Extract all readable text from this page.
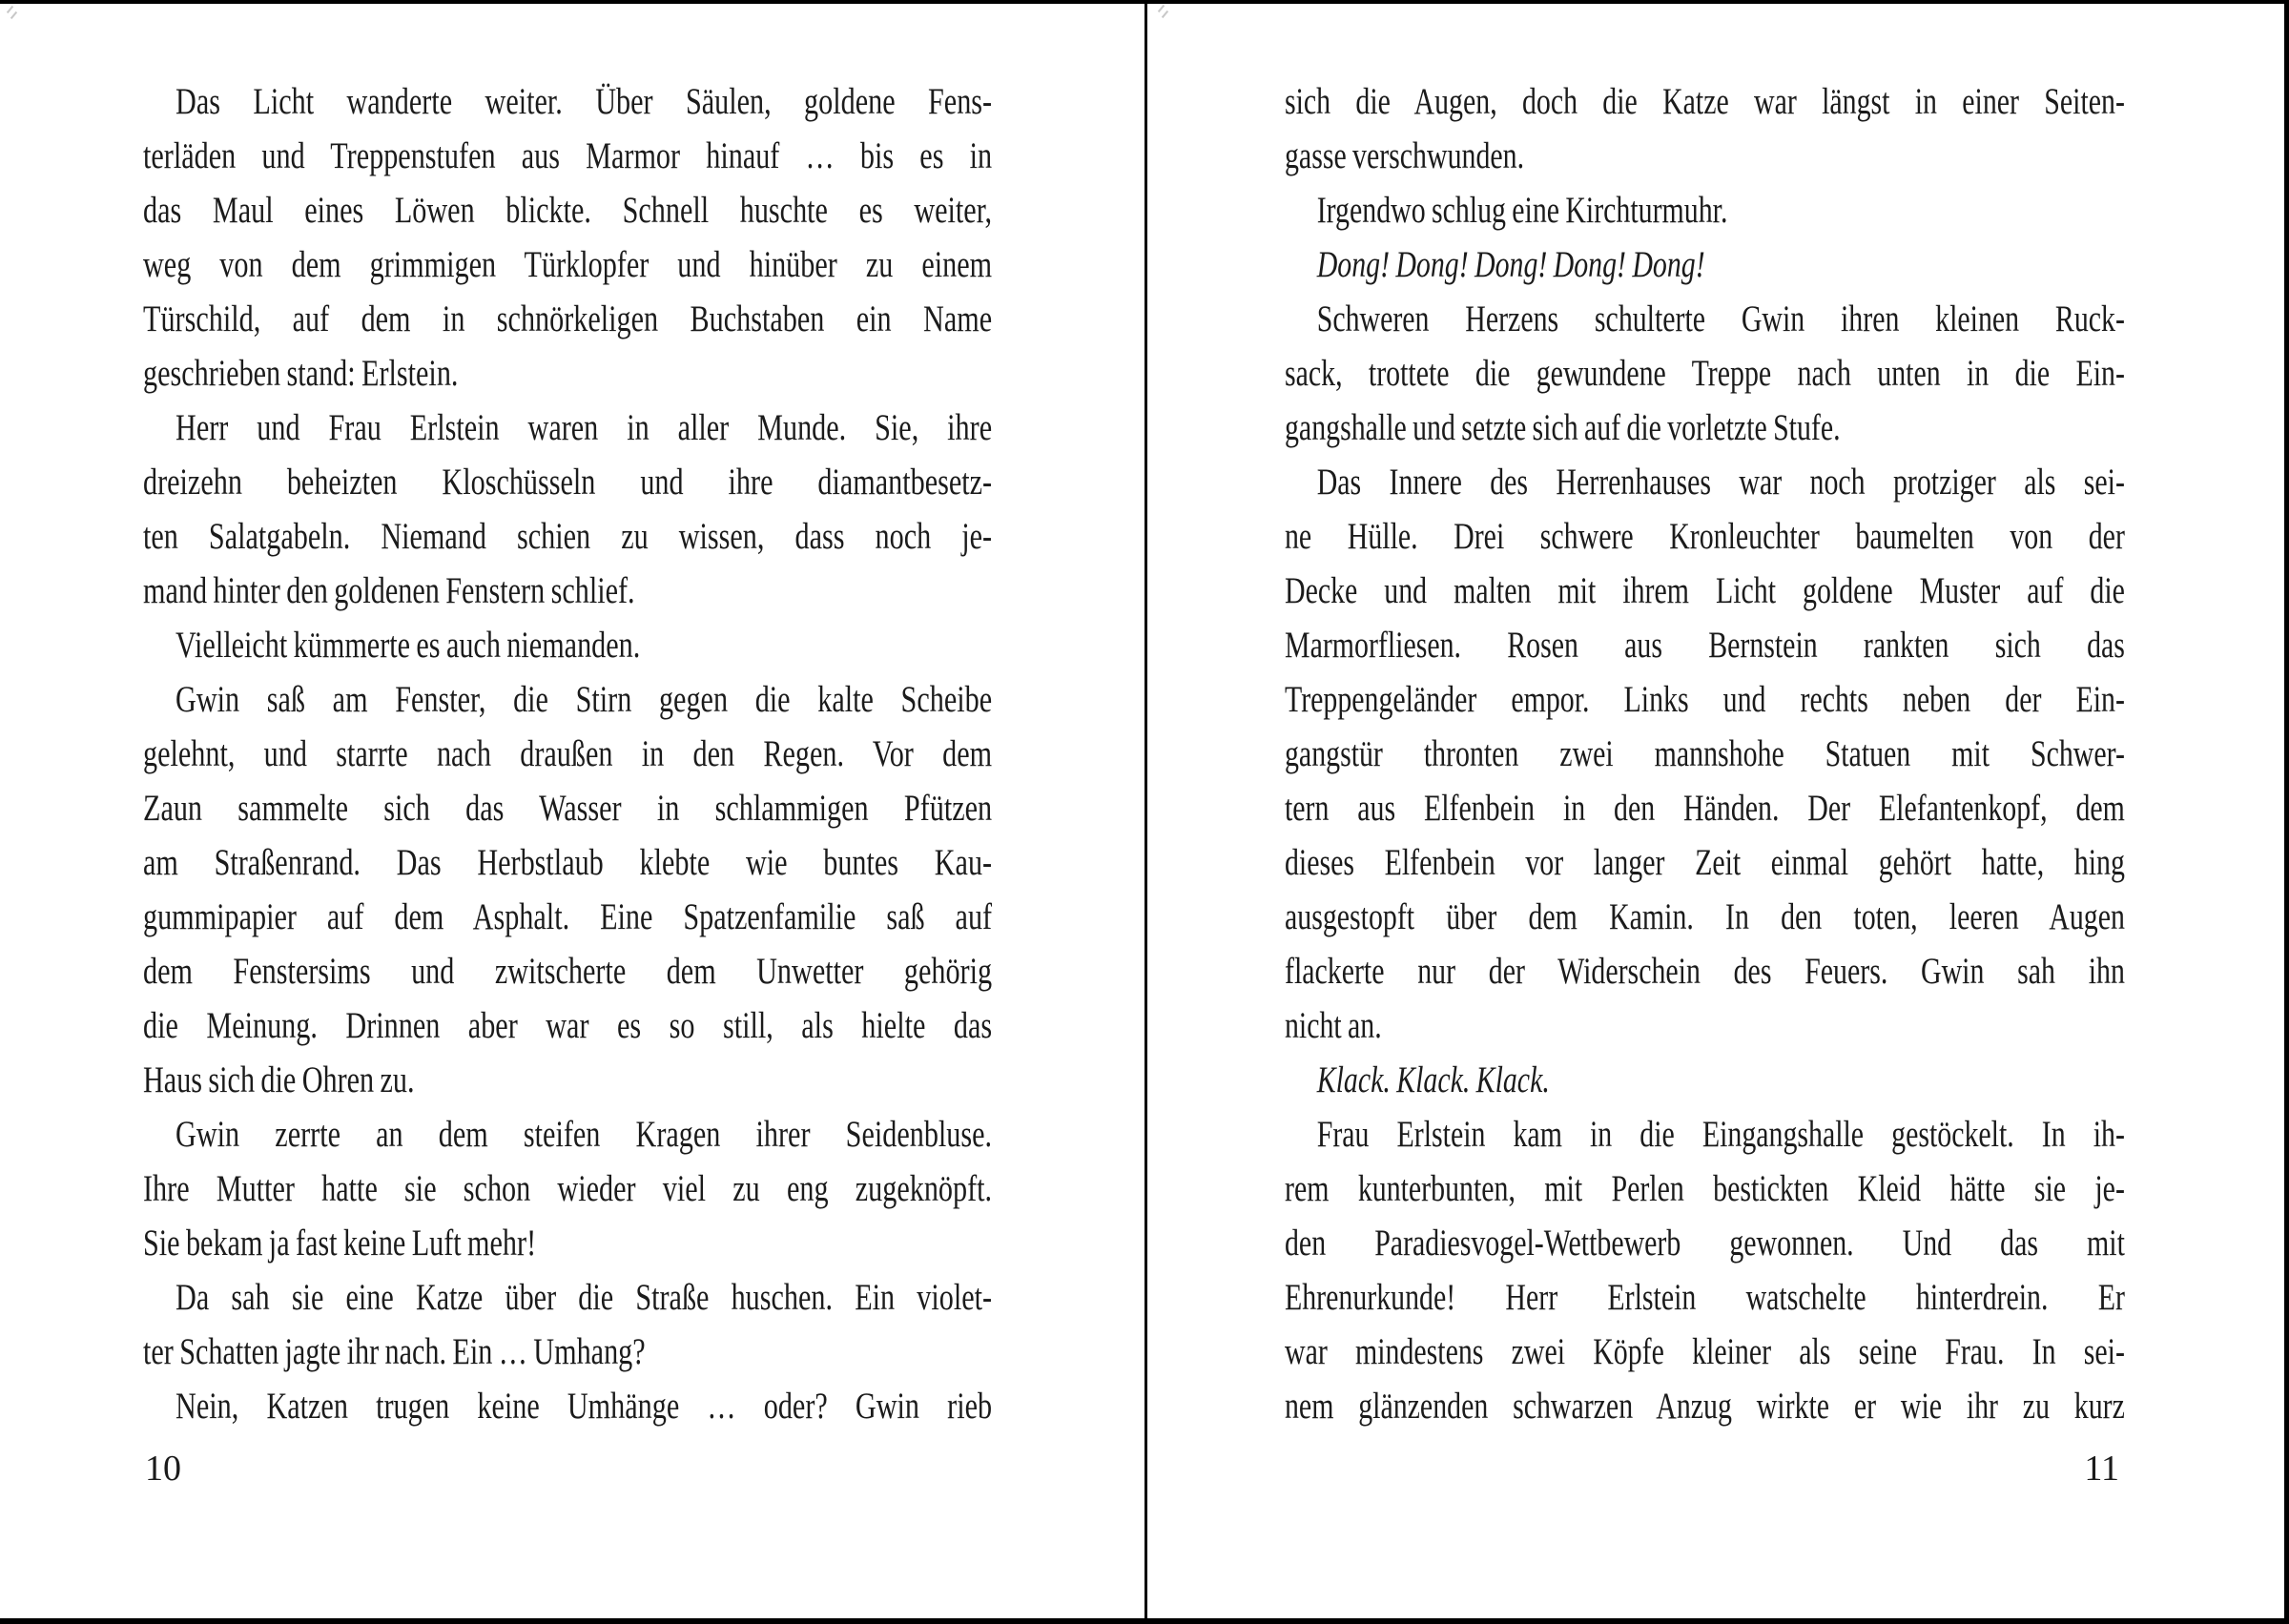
Das Licht wanderte weiter. Über Säulen, goldene Fens-
terläden und Treppenstufen aus Marmor hinauf … bis es in
das Maul eines Löwen blickte. Schnell huschte es weiter,
weg von dem grimmigen Türklopfer und hinüber zu einem
Türschild, auf dem in schnörkeligen Buchstaben ein Name
geschrieben stand: Erlstein.
Herr und Frau Erlstein waren in aller Munde. Sie, ihre
dreizehn beheizten Kloschüsseln und ihre diamantbesetz-
ten Salatgabeln. Niemand schien zu wissen, dass noch je-
mand hinter den goldenen Fenstern schlief.
Vielleicht kümmerte es auch niemanden.
Gwin saß am Fenster, die Stirn gegen die kalte Scheibe
gelehnt, und starrte nach draußen in den Regen. Vor dem
Zaun sammelte sich das Wasser in schlammigen Pfützen
am Straßenrand. Das Herbstlaub klebte wie buntes Kau-
gummipapier auf dem Asphalt. Eine Spatzenfamilie saß auf
dem Fenstersims und zwitscherte dem Unwetter gehörig
die Meinung. Drinnen aber war es so still, als hielte das
Haus sich die Ohren zu.
Gwin zerrte an dem steifen Kragen ihrer Seidenbluse.
Ihre Mutter hatte sie schon wieder viel zu eng zugeknöpft.
Sie bekam ja fast keine Luft mehr!
Da sah sie eine Katze über die Straße huschen. Ein violet-
ter Schatten jagte ihr nach. Ein … Umhang?
Nein, Katzen trugen keine Umhänge … oder? Gwin rieb
10
sich die Augen, doch die Katze war längst in einer Seiten-
gasse verschwunden.
Irgendwo schlug eine Kirchturmuhr.
Dong! Dong! Dong! Dong! Dong!
Schweren Herzens schulterte Gwin ihren kleinen Ruck-
sack, trottete die gewundene Treppe nach unten in die Ein-
gangshalle und setzte sich auf die vorletzte Stufe.
Das Innere des Herrenhauses war noch protziger als sei-
ne Hülle. Drei schwere Kronleuchter baumelten von der
Decke und malten mit ihrem Licht goldene Muster auf die
Marmorfliesen. Rosen aus Bernstein rankten sich das
Treppengeländer empor. Links und rechts neben der Ein-
gangstür thronten zwei mannshohe Statuen mit Schwer-
tern aus Elfenbein in den Händen. Der Elefantenkopf, dem
dieses Elfenbein vor langer Zeit einmal gehört hatte, hing
ausgestopft über dem Kamin. In den toten, leeren Augen
flackerte nur der Widerschein des Feuers. Gwin sah ihn
nicht an.
Klack. Klack. Klack.
Frau Erlstein kam in die Eingangshalle gestöckelt. In ih-
rem kunterbunten, mit Perlen bestickten Kleid hätte sie je-
den Paradiesvogel-Wettbewerb gewonnen. Und das mit
Ehrenurkunde! Herr Erlstein watschelte hinterdrein. Er
war mindestens zwei Köpfe kleiner als seine Frau. In sei-
nem glänzenden schwarzen Anzug wirkte er wie ihr zu kurz
11
